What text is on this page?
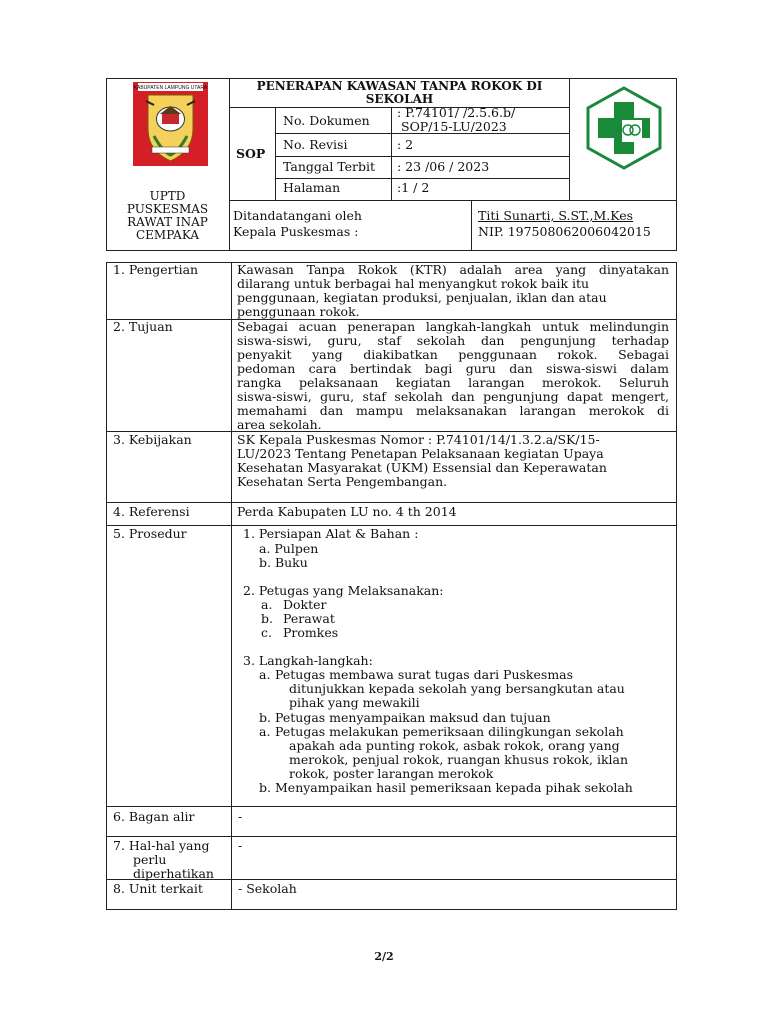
KABUPATEN LAMPUNG UTARA
UPTD
PUSKESMAS
RAWAT INAP
CEMPAKA
PENERAPAN KAWASAN TANPA ROKOK DI
SEKOLAH
SOP
No. Dokumen
: P.74101/ /2.5.6.b/
SOP/15-LU/2023
No. Revisi	: 2
Tanggal Terbit : 23 /06 / 2023
Halaman	:1 / 2
Ditandatangani oleh
Kepala Puskesmas :
Titi Sunarti, S.ST.,M.Kes
NIP. 197508062006042015
1. Pengertian	Kawasan Tanpa Rokok (KTR) adalah area yang dinyatakan
dilarang untuk berbagai hal menyangkut rokok baik itu
penggunaan, kegiatan produksi, penjualan, iklan dan atau
penggunaan rokok.
2. Tujuan	Sebagai acuan penerapan langkah-langkah untuk melindungin
siswa-siswi, guru, staf sekolah dan pengunjung terhadap
penyakit yang diakibatkan penggunaan rokok. Sebagai
pedoman cara bertindak bagi guru dan siswa-siswi dalam
rangka pelaksanaan kegiatan larangan merokok. Seluruh
siswa-siswi, guru, staf sekolah dan pengunjung dapat mengert,
memahami dan mampu melaksanakan larangan merokok di
area sekolah.
3. Kebijakan	SK Kepala Puskesmas Nomor : P.74101/14/1.3.2.a/SK/15-
LU/2023 Tentang Penetapan Pelaksanaan kegiatan Upaya
Kesehatan Masyarakat (UKM) Essensial dan Keperawatan
Kesehatan Serta Pengembangan.
4. Referensi	Perda Kabupaten LU no. 4 th 2014
5. Prosedur	1. Persiapan Alat & Bahan :
a. Pulpen
b. Buku
2. Petugas yang Melaksanakan:
a. Dokter
b. Perawat
c. Promkes
3. Langkah-langkah:
a. Petugas membawa surat tugas dari Puskesmas
ditunjukkan kepada sekolah yang bersangkutan atau
pihak yang mewakili
b. Petugas menyampaikan maksud dan tujuan
a. Petugas melakukan pemeriksaan dilingkungan sekolah
apakah ada punting rokok, asbak rokok, orang yang
merokok, penjual rokok, ruangan khusus rokok, iklan
rokok, poster larangan merokok
b. Menyampaikan hasil pemeriksaan kepada pihak sekolah
6. Bagan alir	-
7. Hal-hal yang
perlu
diperhatikan
-
8. Unit terkait	- Sekolah
2/2
